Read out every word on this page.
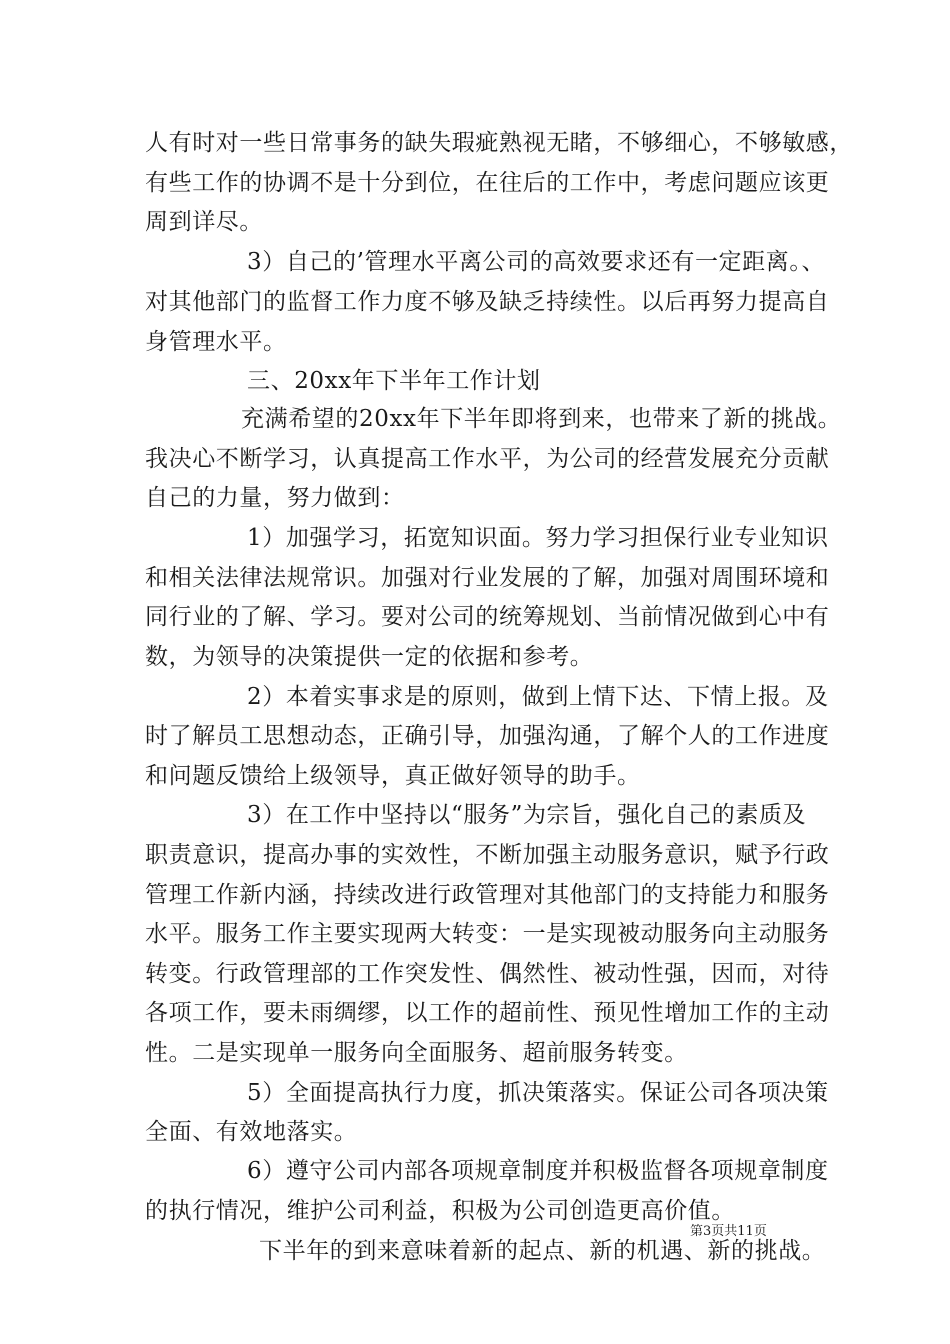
人有时对一些日常事务的缺失瑕疵熟视无睹，不够细心，不够敏感，
有些工作的协调不是十分到位，在往后的工作中，考虑问题应该更
周到详尽。
3）自己的’管理水平离公司的高效要求还有一定距离。、
对其他部门的监督工作力度不够及缺乏持续性。以后再努力提高自
身管理水平。
三、20xx年下半年工作计划
充满希望的20xx年下半年即将到来，也带来了新的挑战。
我决心不断学习，认真提高工作水平，为公司的经营发展充分贡献
自己的力量，努力做到：
1）加强学习，拓宽知识面。努力学习担保行业专业知识
和相关法律法规常识。加强对行业发展的了解，加强对周围环境和
同行业的了解、学习。要对公司的统筹规划、当前情况做到心中有
数，为领导的决策提供一定的依据和参考。
2）本着实事求是的原则，做到上情下达、下情上报。及
时了解员工思想动态，正确引导，加强沟通，了解个人的工作进度
和问题反馈给上级领导，真正做好领导的助手。
3）在工作中坚持以“服务”为宗旨，强化自己的素质及
职责意识，提高办事的实效性，不断加强主动服务意识，赋予行政
管理工作新内涵，持续改进行政管理对其他部门的支持能力和服务
水平。服务工作主要实现两大转变：一是实现被动服务向主动服务
转变。行政管理部的工作突发性、偶然性、被动性强，因而，对待
各项工作，要未雨绸缪，以工作的超前性、预见性增加工作的主动
性。二是实现单一服务向全面服务、超前服务转变。
5）全面提高执行力度，抓决策落实。保证公司各项决策
全面、有效地落实。
6）遵守公司内部各项规章制度并积极监督各项规章制度
的执行情况，维护公司利益，积极为公司创造更高价值。
下半年的到来意味着新的起点、新的机遇、新的挑战。
第3页共11页
